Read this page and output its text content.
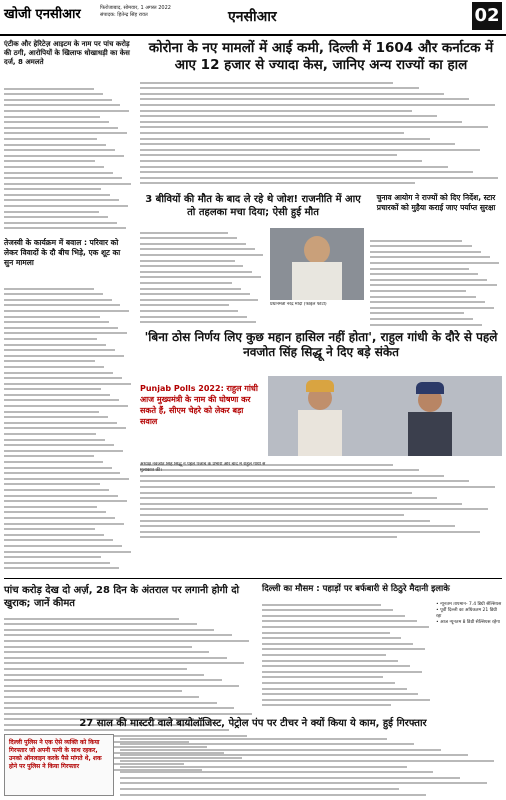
खोजी एनसीआर	फिरोजाबाद, सोमवार, 1 अगस्त 2022
संपादक: हितेन्द्र सिंह रावत	एनसीआर	02
एंटीक और हेरिटेज़ आइटम के नाम पर पांच करोड़ की ठगी, आरोपियों के खिलाफ धोखाधड़ी का केस दर्ज, 8 अमलते
कोरोना के नए मामलों में आई कमी, दिल्ली में 1604 और कर्नाटक में आए 12 हजार से ज्यादा केस, जानिए अन्य राज्यों का हाल
3 बीवियों की मौत के बाद ले रहे थे जोश! राजनीति में आए तो तहलका मचा दिया; ऐसी हुई मौत
प्रधानमंत्री नरेंद्र मोदी (फाइल फोटो)
चुनाव आयोग ने राज्यों को दिए निर्देश, स्टार प्रचारकों को मुहैया कराई जाए पर्याप्त सुरक्षा
तेजस्वी के कार्यक्रम में बवाल : परिवार को लेकर विवादों के दौ बीच भिड़े, एक शूट का सुन मामला
'बिना ठोस निर्णय लिए कुछ महान हासिल नहीं होता', राहुल गांधी के दौरे से पहले नवजोत सिंह सिद्धू ने दिए बड़े संकेत
Punjab Polls 2022: राहुल गांधी आज मुख्यमंत्री के नाम की घोषणा कर सकते हैं, सीएम चेहरे को लेकर बड़ा सवाल
अध्यक्ष नवजोत सिंह सिद्धू ने पहले पंजाब के प्रभारी और बाद में राहुल गांधी से मुलाकात की।
पांच करोड़ देख दो अर्ज़, 28 दिन के अंतराल पर लगानी होगी दो खुराक; जानें कीमत
दिल्ली का मौसम : पहाड़ों पर बर्फबारी से ठिठुरे मैदानी इलाके
• न्यूनतम तापमान- 7.4 डिग्री सेल्सियस
• पूर्वी दिल्ली का अधिकतम 21 डिग्री रहा
• आज न्यूनतम 8 डिग्री सेल्सियस रहेगा
27 साल की मास्टरी वाले बायोलॉजिस्ट, पेट्रोल पंप पर टीचर ने क्यों किया ये काम, हुई गिरफ्तार
दिल्ली पुलिस ने एक ऐसे व्यक्ति को किया गिरफ्तार जो अपनी पत्नी के साथ रहकर, उनको ऑनलाइन करके पैसे मांगते थे, शक होने पर पुलिस ने किया गिरफ्तार
